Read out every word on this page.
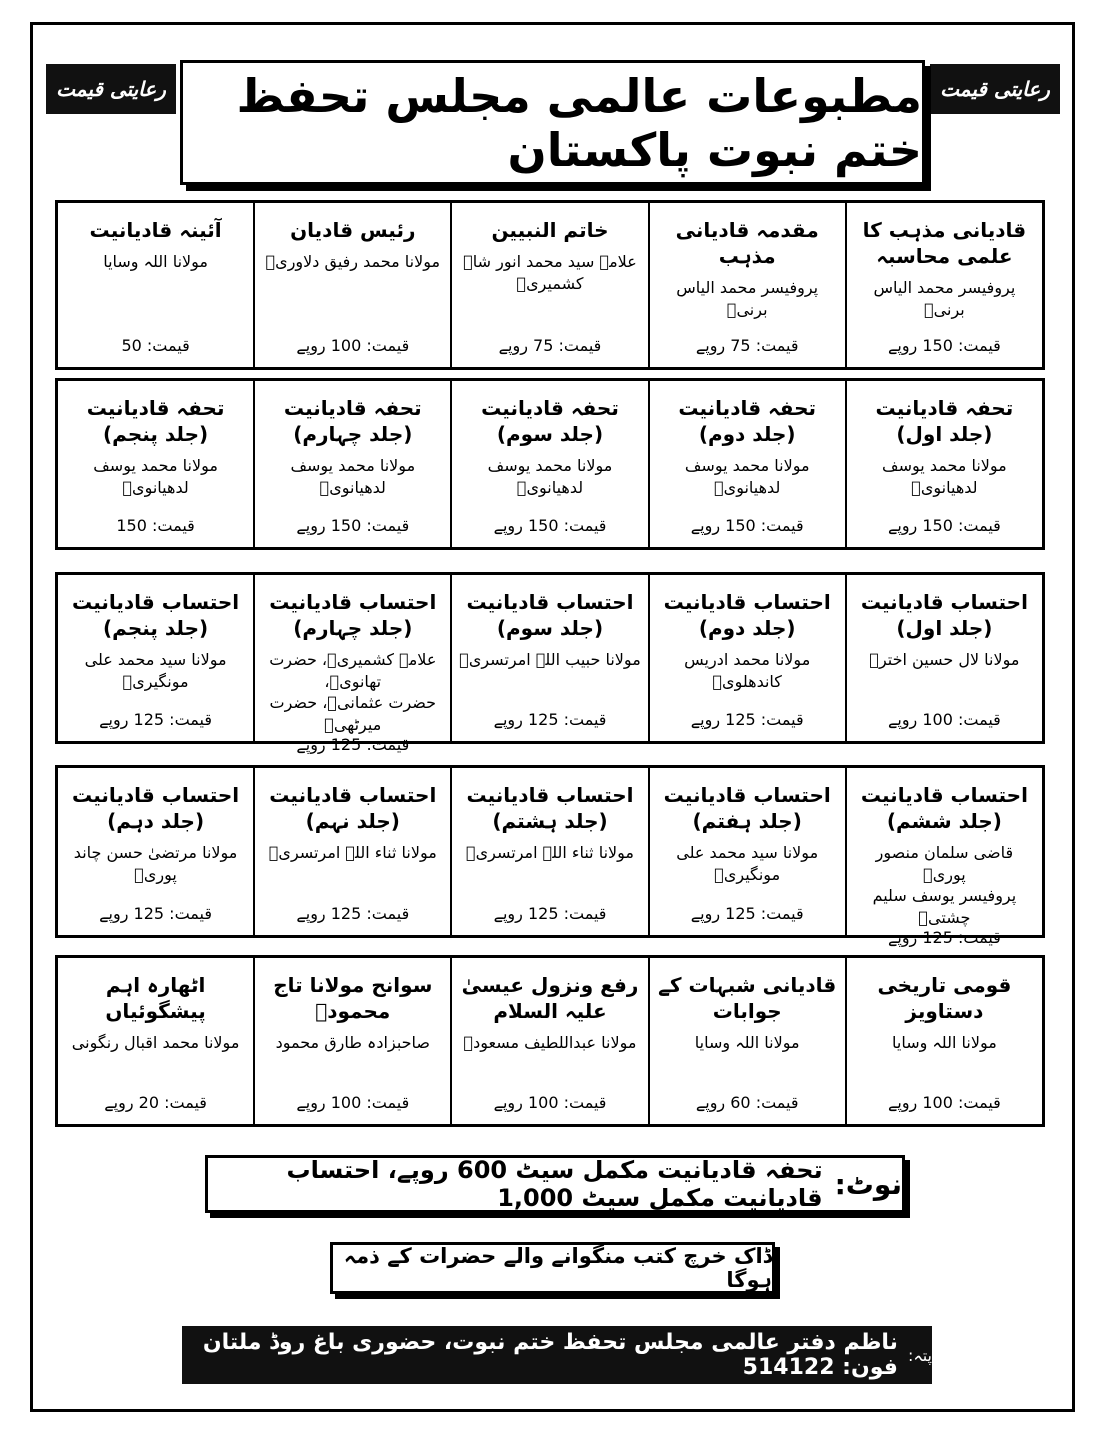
رعایتی قیمت	رعایتی قیمت
مطبوعات عالمی مجلس تحفظ ختم نبوت پاکستان
قادیانی مذہب کا علمی محاسبہ
پروفیسر محمد الیاس برنیؒ
قیمت: 150 روپے
مقدمہ قادیانی مذہب
پروفیسر محمد الیاس برنیؒ
قیمت: 75 روپے
خاتم النبیین
علامہ سید محمد انور شاہ کشمیریؒ
قیمت: 75 روپے
رئیس قادیان
مولانا محمد رفیق دلاوریؒ
قیمت: 100 روپے
آئینہ قادیانیت
مولانا اللہ وسایا
قیمت: 50
تحفہ قادیانیت (جلد اول)
مولانا محمد یوسف لدھیانویؒ
قیمت: 150 روپے
تحفہ قادیانیت (جلد دوم)
مولانا محمد یوسف لدھیانویؒ
قیمت: 150 روپے
تحفہ قادیانیت (جلد سوم)
مولانا محمد یوسف لدھیانویؒ
قیمت: 150 روپے
تحفہ قادیانیت (جلد چہارم)
مولانا محمد یوسف لدھیانویؒ
قیمت: 150 روپے
تحفہ قادیانیت (جلد پنجم)
مولانا محمد یوسف لدھیانویؒ
قیمت: 150
احتساب قادیانیت (جلد اول)
مولانا لال حسین اخترؒ
قیمت: 100 روپے
احتساب قادیانیت (جلد دوم)
مولانا محمد ادریس کاندھلویؒ
قیمت: 125 روپے
احتساب قادیانیت (جلد سوم)
مولانا حبیب اللہ امرتسریؒ
قیمت: 125 روپے
احتساب قادیانیت (جلد چہارم)
علامہ کشمیریؒ، حضرت تھانویؒ،
حضرت عثمانیؒ، حضرت میرٹھیؒ
قیمت: 125 روپے
احتساب قادیانیت (جلد پنجم)
مولانا سید محمد علی مونگیریؒ
قیمت: 125 روپے
احتساب قادیانیت (جلد ششم)
قاضی سلمان منصور پوریؒ
پروفیسر یوسف سلیم چشتیؒ
قیمت: 125 روپے
احتساب قادیانیت (جلد ہفتم)
مولانا سید محمد علی مونگیریؒ
قیمت: 125 روپے
احتساب قادیانیت (جلد ہشتم)
مولانا ثناء اللہ امرتسریؒ
قیمت: 125 روپے
احتساب قادیانیت (جلد نہم)
مولانا ثناء اللہ امرتسریؒ
قیمت: 125 روپے
احتساب قادیانیت (جلد دہم)
مولانا مرتضیٰ حسن چاند پوریؒ
قیمت: 125 روپے
قومی تاریخی دستاویز
مولانا اللہ وسایا
قیمت: 100 روپے
قادیانی شبہات کے جوابات
مولانا اللہ وسایا
قیمت: 60 روپے
رفع ونزول عیسیٰ علیہ السلام
مولانا عبداللطیف مسعودؒ
قیمت: 100 روپے
سوانح مولانا تاج محمودؒ
صاحبزادہ طارق محمود
قیمت: 100 روپے
اٹھارہ اہم پیشگوئیاں
مولانا محمد اقبال رنگونی
قیمت: 20 روپے
نوٹ:
تحفہ قادیانیت مکمل سیٹ 600 روپے، احتساب قادیانیت مکمل سیٹ 1,000
ڈاک خرچ کتب منگوانے والے حضرات کے ذمہ ہوگا
پتہ:
ناظم دفتر عالمی مجلس تحفظ ختم نبوت، حضوری باغ روڈ ملتان فون: 514122
